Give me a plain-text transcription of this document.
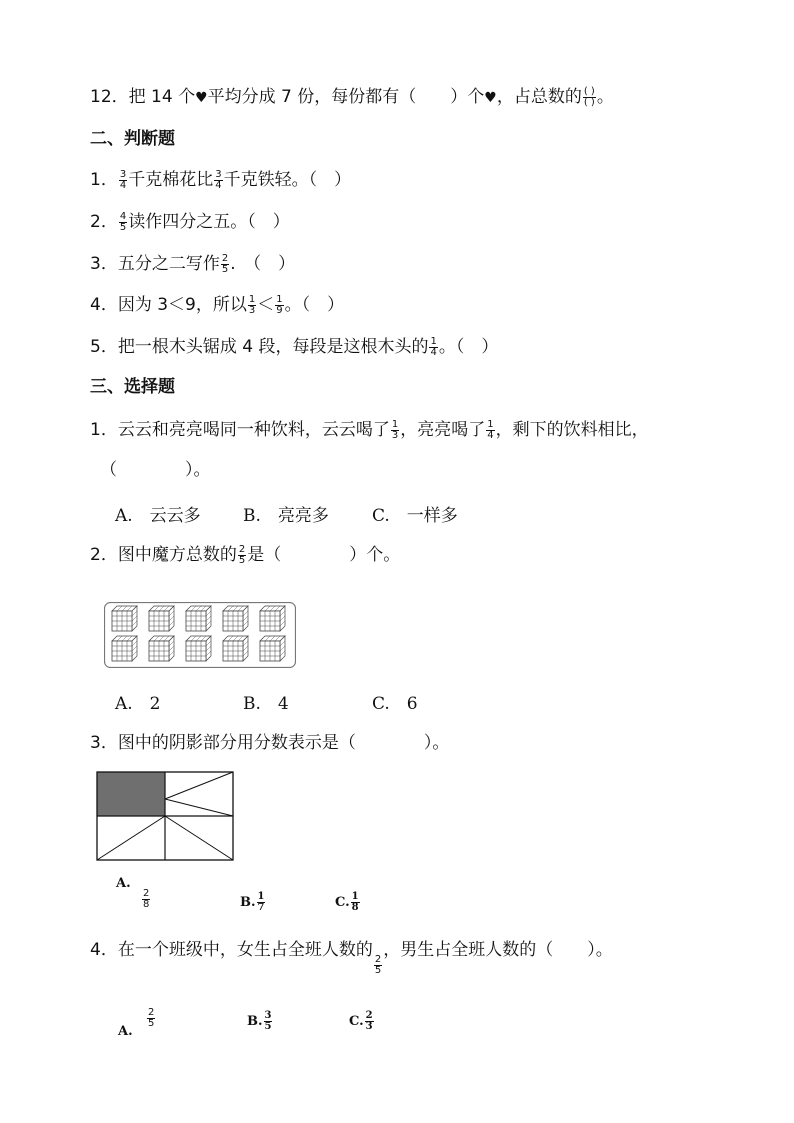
12．把 14 个♥平均分成 7 份，每份都有（　　）个♥，占总数的 $\frac{( )}{( )}$ 。
二、判断题
1． $\frac{3}{4}$ 千克棉花比 $\frac{3}{4}$ 千克铁轻。（　）
2． $\frac{4}{5}$ 读作四分之五。（　）
3．五分之二写作 $\frac{2}{5}$ .　（　）
4．因为 3＜9，所以 $\frac{1}{3} < \frac{1}{9}$ 。（　）
5．把一根木头锯成 4 段，每段是这根木头的 $\frac{1}{4}$ 。（　）
三、选择题
1．云云和亮亮喝同一种饮料，云云喝了 $\frac{1}{3}$ ，亮亮喝了 $\frac{1}{4}$ ，剩下的饮料相比，
（　　　　）。
A.　云云多 B.　亮亮多	C.　一样多
2．图中魔方总数的 $\frac{2}{5}$ 是（　　　　）个。
A.　2	B.　4	C.　6
3．图中的阴影部分用分数表示是（　　　　）。
A.
$\frac{2}{8}$	B. $\frac{1}{7}$	C. $\frac{1}{8}$
4．在一个班级中，女生占全班人数的
$\frac{2}{5}$
，男生占全班人数的（　　）。
A.
$\frac{2}{5}$	B. $\frac{3}{5}$	C. $\frac{2}{3}$
